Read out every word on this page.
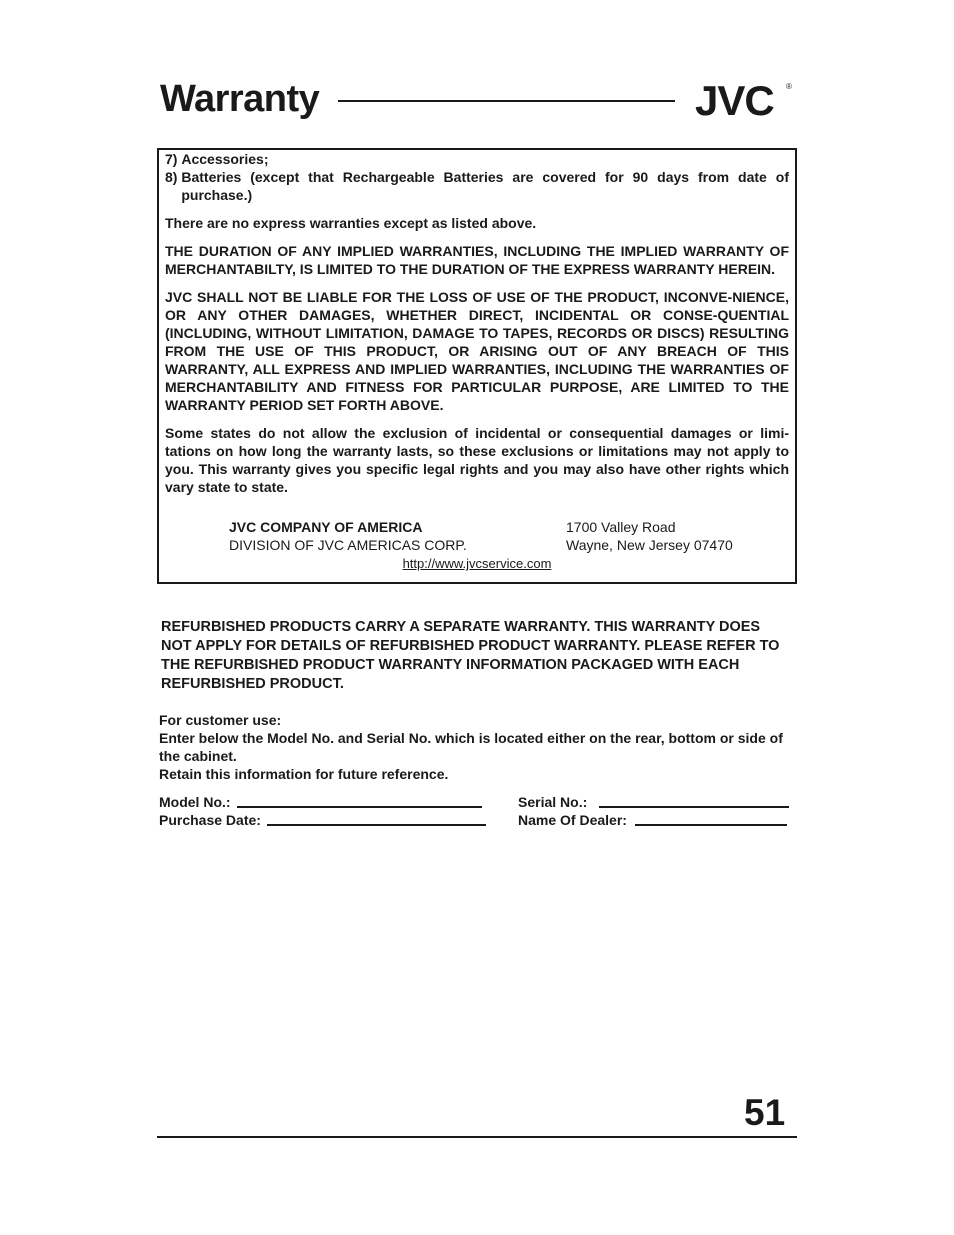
Warranty	JVC ®

7)
Accessories;

8)
Batteries (except that Rechargeable Batteries are covered for 90 days from date of purchase.)

There are no express warranties except as listed above.

THE DURATION OF ANY IMPLIED WARRANTIES, INCLUDING THE IMPLIED WARRANTY OF MERCHANTABILTY, IS LIMITED TO THE DURATION OF THE EXPRESS WARRANTY HEREIN.

JVC SHALL NOT BE LIABLE FOR THE LOSS OF USE OF THE PRODUCT, INCONVE-NIENCE, OR ANY OTHER DAMAGES, WHETHER DIRECT, INCIDENTAL OR CONSE-QUENTIAL (INCLUDING, WITHOUT LIMITATION, DAMAGE TO TAPES, RECORDS OR DISCS) RESULTING FROM THE USE OF THIS PRODUCT, OR ARISING OUT OF ANY BREACH OF THIS WARRANTY, ALL EXPRESS AND IMPLIED WARRANTIES, INCLUDING THE WARRANTIES OF MERCHANTABILITY AND FITNESS FOR PARTICULAR PURPOSE, ARE LIMITED TO THE WARRANTY PERIOD SET FORTH ABOVE.

Some states do not allow the exclusion of incidental or consequential damages or limi-tations on how long the warranty lasts, so these exclusions or limitations may not apply to you. This warranty gives you specific legal rights and you may also have other rights which vary state to state.

JVC COMPANY OF AMERICA
DIVISION OF JVC AMERICAS CORP.
1700 Valley Road
Wayne, New Jersey 07470
http://www.jvcservice.com

REFURBISHED PRODUCTS CARRY A SEPARATE WARRANTY. THIS WARRANTY DOES NOT APPLY FOR DETAILS OF REFURBISHED PRODUCT WARRANTY. PLEASE REFER TO THE REFURBISHED PRODUCT WARRANTY INFORMATION PACKAGED WITH EACH REFURBISHED PRODUCT.

For customer use:
Enter below the Model No. and Serial No. which is located either on the rear, bottom or side of the cabinet.
Retain this information for future reference.
Model No.:
Purchase Date:
Serial No.:
Name Of Dealer:
51
